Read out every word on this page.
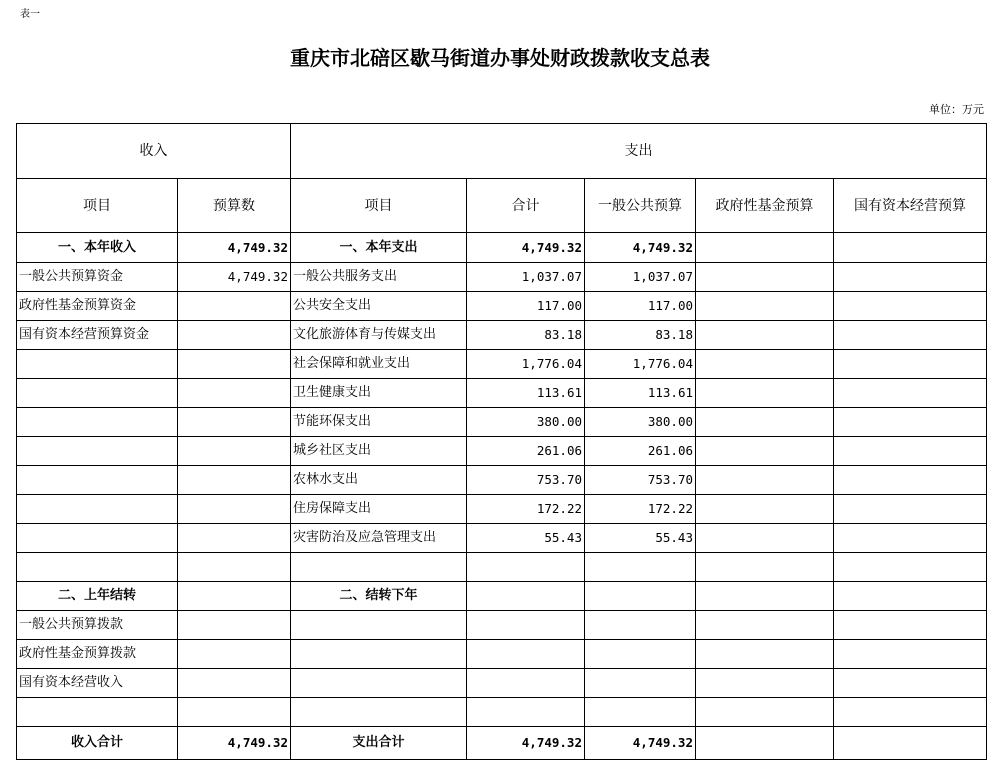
表一
重庆市北碚区歇马街道办事处财政拨款收支总表
单位：万元
收入		支出				
项目	预算数	项目	合计	一般公共预算	政府性基金预算	国有资本经营预算
一、本年收入	4,749.32	一、本年支出	4,749.32	4,749.32		
一般公共预算资金	4,749.32	一般公共服务支出	1,037.07	1,037.07		
政府性基金预算资金		公共安全支出	117.00	117.00		
国有资本经营预算资金		文化旅游体育与传媒支出	83.18	83.18		
		社会保障和就业支出	1,776.04	1,776.04		
		卫生健康支出	113.61	113.61		
		节能环保支出	380.00	380.00		
		城乡社区支出	261.06	261.06		
		农林水支出	753.70	753.70		
		住房保障支出	172.22	172.22		
		灾害防治及应急管理支出	55.43	55.43		

二、上年结转		二、结转下年				
一般公共预算拨款						
政府性基金预算拨款						
国有资本经营收入						

收入合计	4,749.32	支出合计	4,749.32	4,749.32		
